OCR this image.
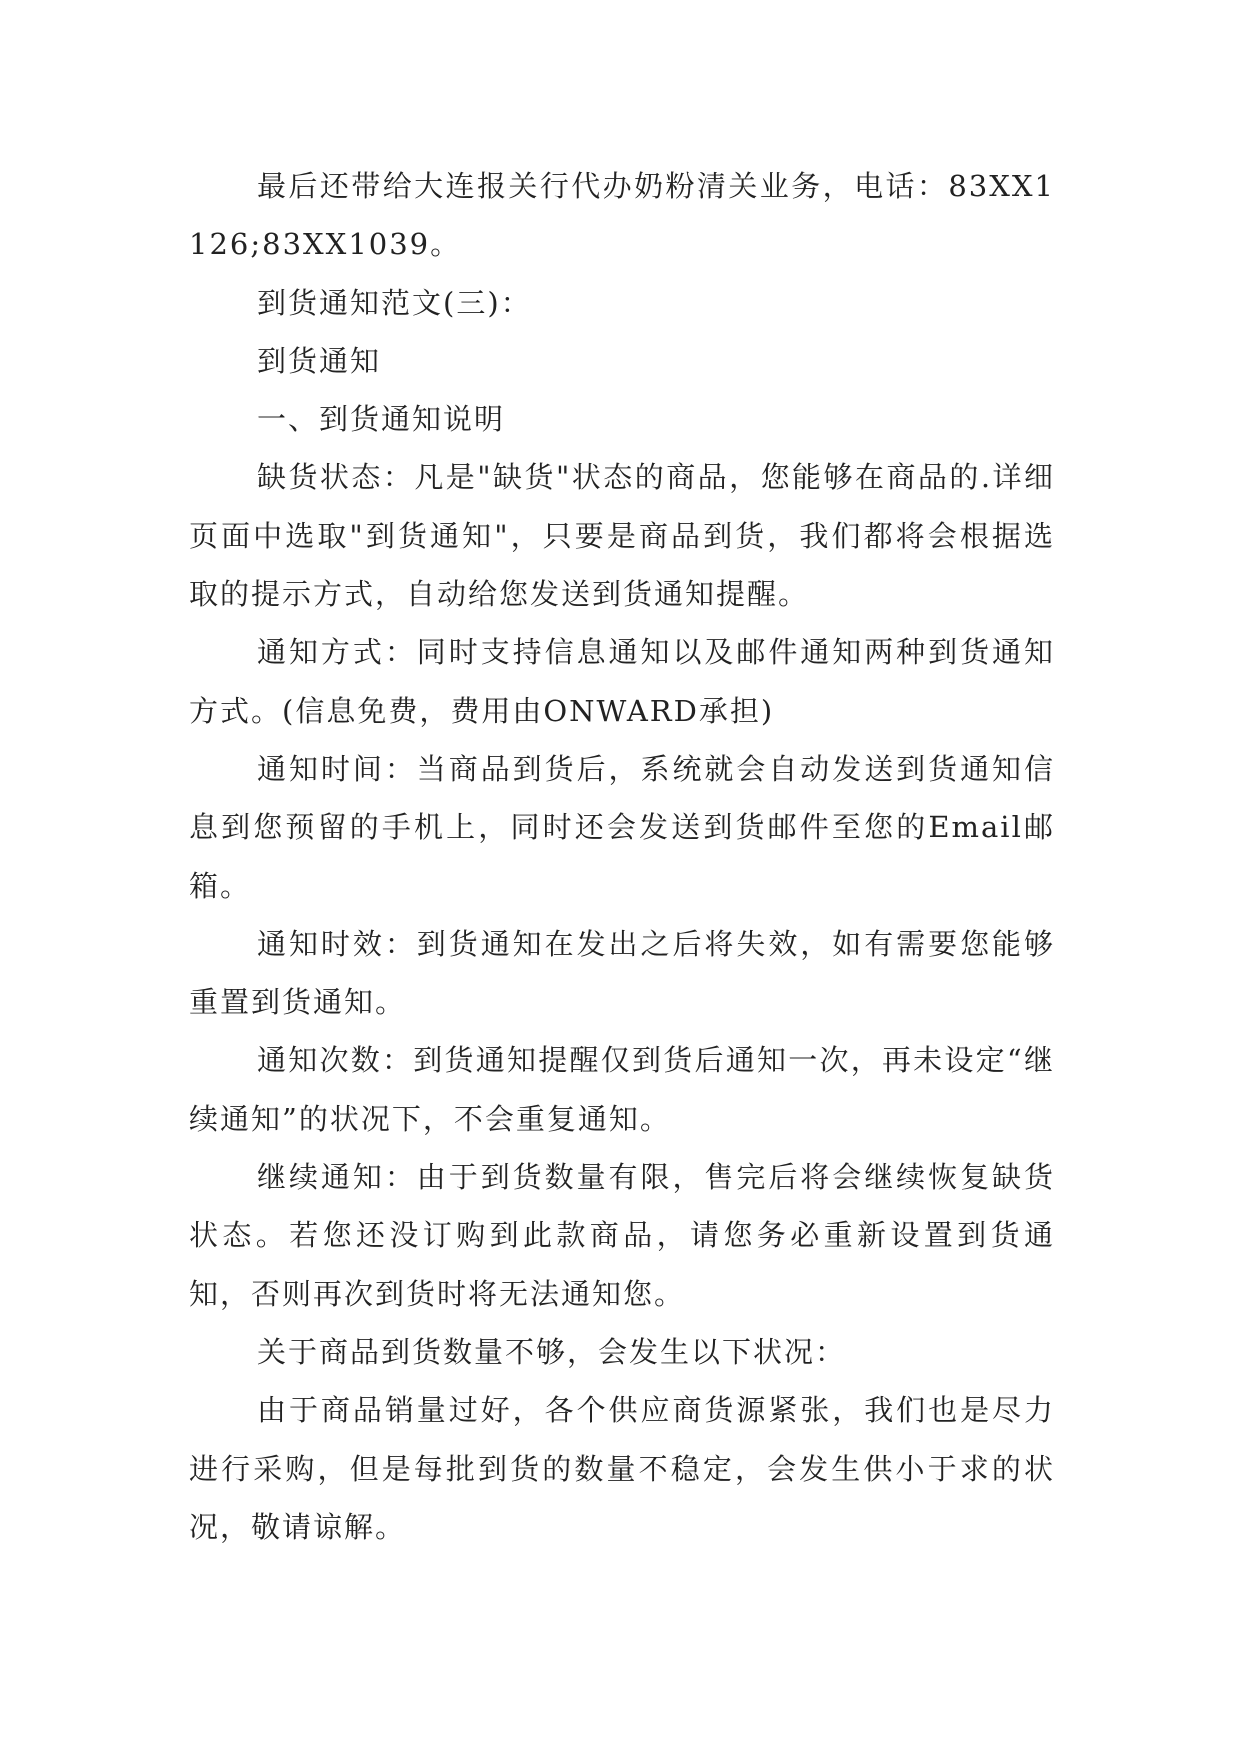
最后还带给大连报关行代办奶粉清关业务，电话：83XX1126;83XX1039。

到货通知范文(三)：

到货通知

一、到货通知说明

缺货状态：凡是"缺货"状态的商品，您能够在商品的.详细页面中选取"到货通知"，只要是商品到货，我们都将会根据选取的提示方式，自动给您发送到货通知提醒。

通知方式：同时支持信息通知以及邮件通知两种到货通知方式。(信息免费，费用由ONWARD承担)

通知时间：当商品到货后，系统就会自动发送到货通知信息到您预留的手机上，同时还会发送到货邮件至您的Email邮箱。

通知时效：到货通知在发出之后将失效，如有需要您能够重置到货通知。

通知次数：到货通知提醒仅到货后通知一次，再未设定“继续通知”的状况下，不会重复通知。

继续通知：由于到货数量有限，售完后将会继续恢复缺货状态。若您还没订购到此款商品，请您务必重新设置到货通知，否则再次到货时将无法通知您。

关于商品到货数量不够，会发生以下状况：

由于商品销量过好，各个供应商货源紧张，我们也是尽力进行采购，但是每批到货的数量不稳定，会发生供小于求的状况，敬请谅解。
